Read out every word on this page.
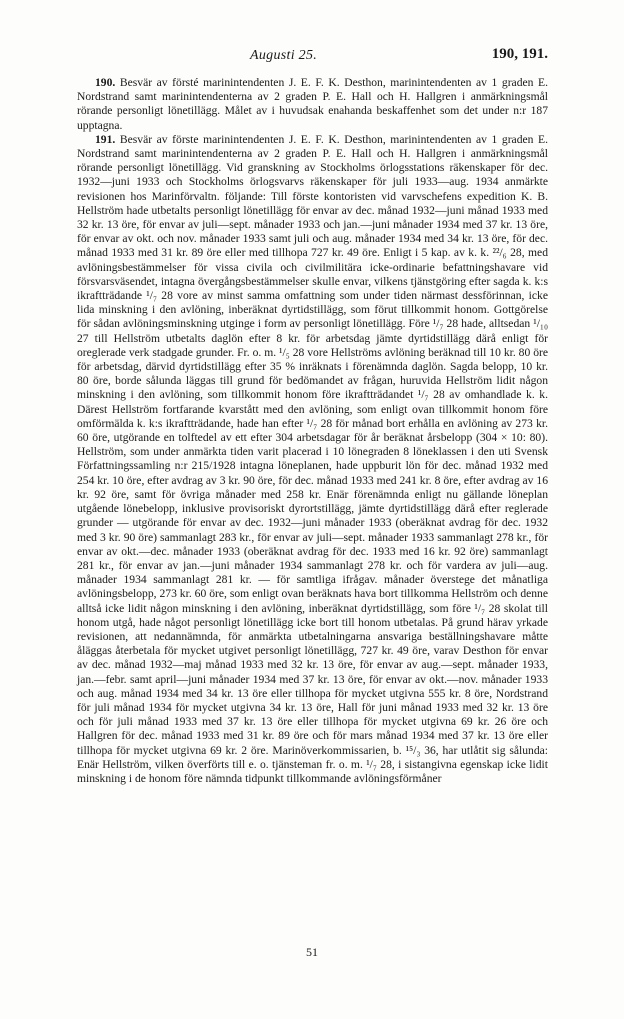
Augusti 25.	190, 191.

190. Besvär av försté marinintendenten J. E. F. K. Desthon, marinintendenten av 1 graden E. Nordstrand samt marinintendenterna av 2 graden P. E. Hall och H. Hallgren i anmärkningsmål rörande personligt lönetillägg. Målet av i huvudsak enahanda beskaffenhet som det under n:r 187 upptagna.

191. Besvär av förste marinintendenten J. E. F. K. Desthon, marinintendenten av 1 graden E. Nordstrand samt marinintendenterna av 2 graden P. E. Hall och H. Hallgren i anmärkningsmål rörande personligt lönetillägg. Vid granskning av Stockholms örlogsstations räkenskaper för dec. 1932—juni 1933 och Stockholms örlogsvarvs räkenskaper för juli 1933—aug. 1934 anmärkte revisionen hos Marinförvaltn. följande: Till förste kontoristen vid varvschefens expedition K. B. Hellström hade utbetalts personligt lönetillägg för envar av dec. månad 1932—juni månad 1933 med 32 kr. 13 öre, för envar av juli—sept. månader 1933 och jan.—juni månader 1934 med 37 kr. 13 öre, för envar av okt. och nov. månader 1933 samt juli och aug. månader 1934 med 34 kr. 13 öre, för dec. månad 1933 med 31 kr. 89 öre eller med tillhopa 727 kr. 49 öre. Enligt i 5 kap. av k. k. ²²/₆ 28, med avlöningsbestämmelser för vissa civila och civilmilitära icke-ordinarie befattningshavare vid försvarsväsendet, intagna övergångsbestämmelser skulle envar, vilkens tjänstgöring efter sagda k. k:s ikraftträdande ¹/₇ 28 vore av minst samma omfattning som under tiden närmast dessförinnan, icke lida minskning i den avlöning, inberäknat dyrtidstillägg, som förut tillkommit honom. Gottgörelse för sådan avlöningsminskning utginge i form av personligt lönetillägg. Före ¹/₇ 28 hade, alltsedan ¹/₁₀ 27 till Hellström utbetalts daglön efter 8 kr. för arbetsdag jämte dyrtidstillägg därå enligt för oreglerade verk stadgade grunder. Fr. o. m. ¹/₅ 28 vore Hellströms avlöning beräknad till 10 kr. 80 öre för arbetsdag, därvid dyrtidstillägg efter 35 % inräknats i förenämnda daglön. Sagda belopp, 10 kr. 80 öre, borde sålunda läggas till grund för bedömandet av frågan, huruvida Hellström lidit någon minskning i den avlöning, som tillkommit honom före ikraftträdandet ¹/₇ 28 av omhandlade k. k. Därest Hellström fortfarande kvarstått med den avlöning, som enligt ovan tillkommit honom före omförmälda k. k:s ikraftträdande, hade han efter ¹/₇ 28 för månad bort erhålla en avlöning av 273 kr. 60 öre, utgörande en tolftedel av ett efter 304 arbetsdagar för år beräknat årsbelopp (304 × 10: 80). Hellström, som under anmärkta tiden varit placerad i 10 lönegraden 8 löneklassen i den uti Svensk Författningssamling n:r 215/1928 intagna löneplanen, hade uppburit lön för dec. månad 1932 med 254 kr. 10 öre, efter avdrag av 3 kr. 90 öre, för dec. månad 1933 med 241 kr. 8 öre, efter avdrag av 16 kr. 92 öre, samt för övriga månader med 258 kr. Enär förenämnda enligt nu gällande löneplan utgående lönebelopp, inklusive provisoriskt dyrortstillägg, jämte dyrtidstillägg därå efter reglerade grunder — utgörande för envar av dec. 1932—juni månader 1933 (oberäknat avdrag för dec. 1932 med 3 kr. 90 öre) sammanlagt 283 kr., för envar av juli—sept. månader 1933 sammanlagt 278 kr., för envar av okt.—dec. månader 1933 (oberäknat avdrag för dec. 1933 med 16 kr. 92 öre) sammanlagt 281 kr., för envar av jan.—juni månader 1934 sammanlagt 278 kr. och för vardera av juli—aug. månader 1934 sammanlagt 281 kr. — för samtliga ifrågav. månader överstege det månatliga avlöningsbelopp, 273 kr. 60 öre, som enligt ovan beräknats hava bort tillkomma Hellström och denne alltså icke lidit någon minskning i den avlöning, inberäknat dyrtidstillägg, som före ¹/₇ 28 skolat till honom utgå, hade något personligt lönetillägg icke bort till honom utbetalas. På grund härav yrkade revisionen, att nedannämnda, för anmärkta utbetalningarna ansvariga beställningshavare måtte åläggas återbetala för mycket utgivet personligt lönetillägg, 727 kr. 49 öre, varav Desthon för envar av dec. månad 1932—maj månad 1933 med 32 kr. 13 öre, för envar av aug.—sept. månader 1933, jan.—febr. samt april—juni månader 1934 med 37 kr. 13 öre, för envar av okt.—nov. månader 1933 och aug. månad 1934 med 34 kr. 13 öre eller tillhopa för mycket utgivna 555 kr. 8 öre, Nordstrand för juli månad 1934 för mycket utgivna 34 kr. 13 öre, Hall för juni månad 1933 med 32 kr. 13 öre och för juli månad 1933 med 37 kr. 13 öre eller tillhopa för mycket utgivna 69 kr. 26 öre och Hallgren för dec. månad 1933 med 31 kr. 89 öre och för mars månad 1934 med 37 kr. 13 öre eller tillhopa för mycket utgivna 69 kr. 2 öre. Marinöverkommissarien, b. ¹⁵/₃ 36, har utlåtit sig sålunda: Enär Hellström, vilken överförts till e. o. tjänsteman fr. o. m. ¹/₇ 28, i sistangivna egenskap icke lidit minskning i de honom före nämnda tidpunkt tillkommande avlöningsförmåner

51
